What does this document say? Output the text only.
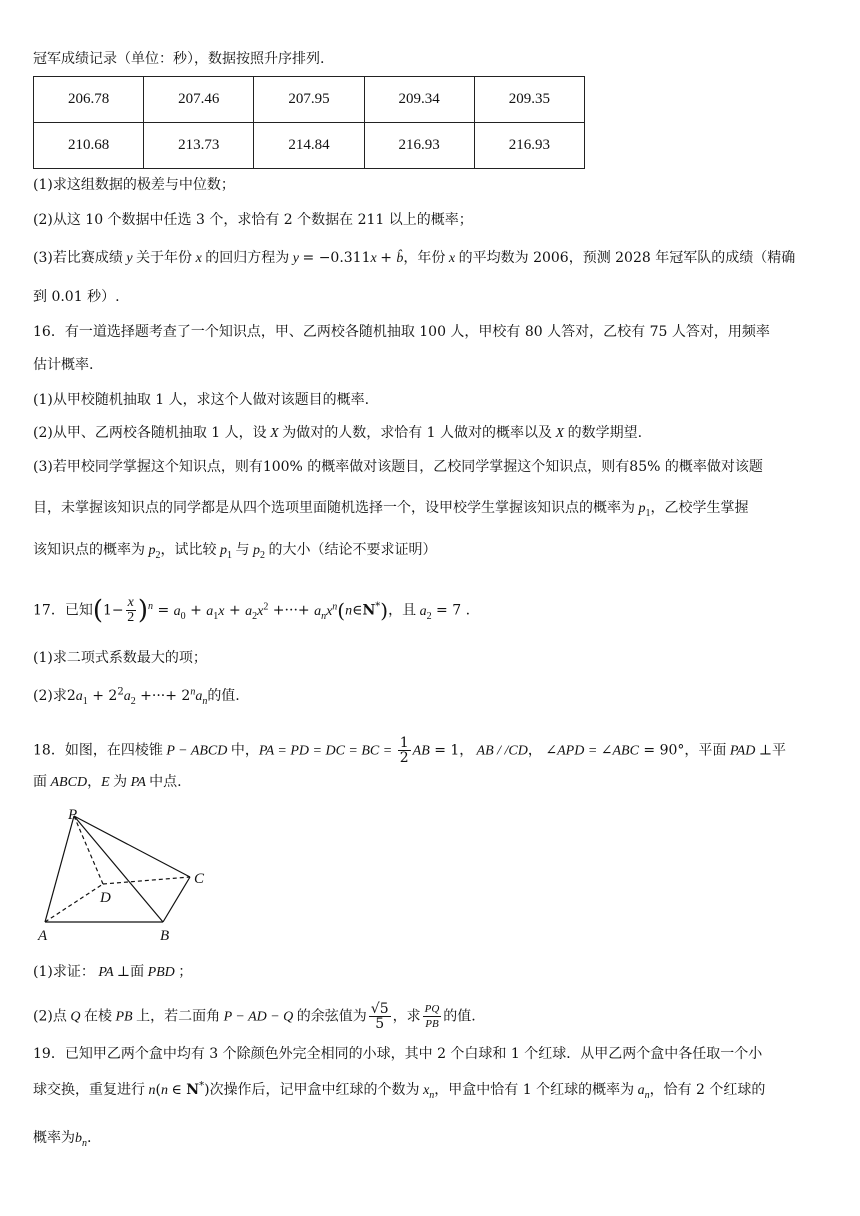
冠军成绩记录（单位：秒），数据按照升序排列.
206.78	207.46	207.95	209.34	209.35
210.68	213.73	214.84	216.93	216.93
(1)求这组数据的极差与中位数；
(2)从这 10 个数据中任选 3 个，求恰有 2 个数据在 211 以上的概率；
(3)若比赛成绩 y 关于年份 x 的回归方程为 y = −0.311x + b̂，年份 x 的平均数为 2006，预测 2028 年冠军队的成绩（精确
到 0.01 秒）.
16．有一道选择题考查了一个知识点，甲、乙两校各随机抽取 100 人，甲校有 80 人答对，乙校有 75 人答对，用频率
估计概率.
(1)从甲校随机抽取 1 人，求这个人做对该题目的概率.
(2)从甲、乙两校各随机抽取 1 人，设 X 为做对的人数，求恰有 1 人做对的概率以及 X 的数学期望.
(3)若甲校同学掌握这个知识点，则有100% 的概率做对该题目，乙校同学掌握这个知识点，则有85% 的概率做对该题
目，未掌握该知识点的同学都是从四个选项里面随机选择一个，设甲校学生掌握该知识点的概率为 $p_1$，乙校学生掌握
该知识点的概率为 $p_2$，试比较 $p_1$ 与 $p_2$ 的大小（结论不要求证明）
17．已知$(1- \frac{x}{2} )^n = a_0 + a_1x + a_2x^2$ +···+ $a_nx^n(n\in N^*)$，且 $a_2 = 7$ .
(1)求二项式系数最大的项；
(2)求$2a_1 + 2^2a_2$ +···+ $2^na_n$的值.
18．如图，在四棱锥 P − ABCD 中，PA = PD = DC = BC = $\frac{1}{2}$ AB = 1， AB / /CD， ∠APD = ∠ABC = 90°，平面 PAD ⊥平
面 ABCD，E 为 PA 中点.
P
C
D
A	B
(1)求证： PA ⊥面 PBD ；
(2)点 Q 在棱 PB 上，若二面角 P − AD − Q 的余弦值为 $\frac{√5}{5}$ ，求 $\frac{PQ}{PB}$ 的值.
19．已知甲乙两个盒中均有 3 个除颜色外完全相同的小球，其中 2 个白球和 1 个红球．从甲乙两个盒中各任取一个小
球交换，重复进行 n(n ∈ N*)次操作后，记甲盒中红球的个数为 $x_n$，甲盒中恰有 1 个红球的概率为 $a_n$，恰有 2 个红球的
概率为$b_n$.
